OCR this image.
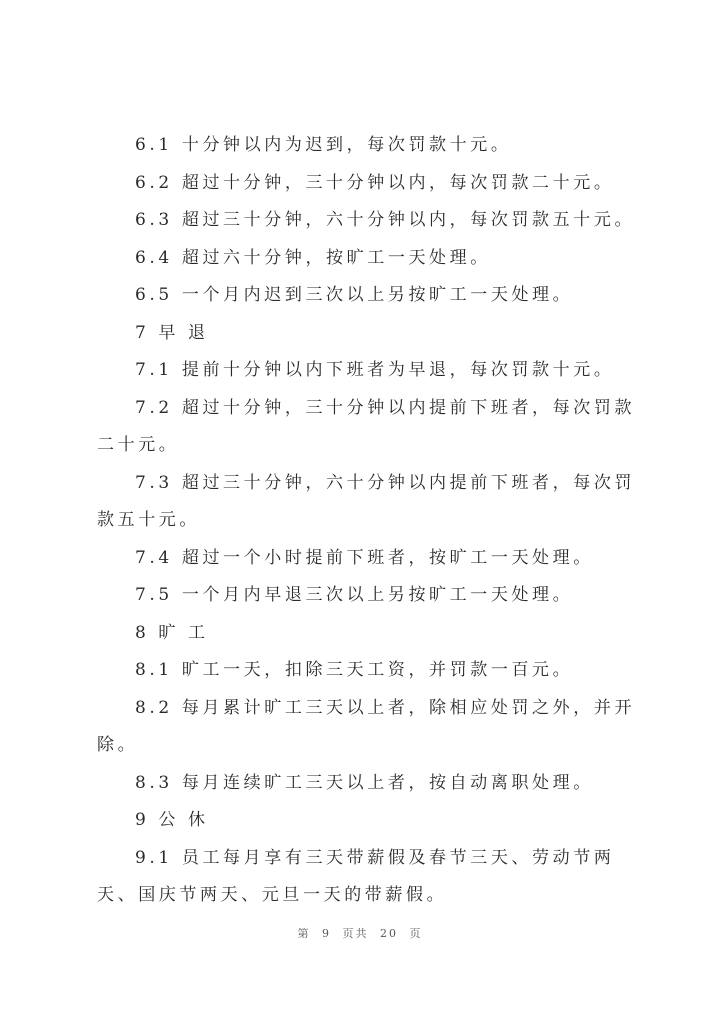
6.1 十分钟以内为迟到，每次罚款十元。

6.2 超过十分钟，三十分钟以内，每次罚款二十元。

6.3 超过三十分钟，六十分钟以内，每次罚款五十元。

6.4 超过六十分钟，按旷工一天处理。

6.5 一个月内迟到三次以上另按旷工一天处理。

7 早 退

7.1 提前十分钟以内下班者为早退，每次罚款十元。

7.2 超过十分钟，三十分钟以内提前下班者，每次罚款二十元。

7.3 超过三十分钟，六十分钟以内提前下班者，每次罚款五十元。

7.4 超过一个小时提前下班者，按旷工一天处理。

7.5 一个月内早退三次以上另按旷工一天处理。

8 旷 工

8.1 旷工一天，扣除三天工资，并罚款一百元。

8.2 每月累计旷工三天以上者，除相应处罚之外，并开除。

8.3 每月连续旷工三天以上者，按自动离职处理。

9 公 休

9.1 员工每月享有三天带薪假及春节三天、劳动节两天、国庆节两天、元旦一天的带薪假。

第 9 页共 20 页
